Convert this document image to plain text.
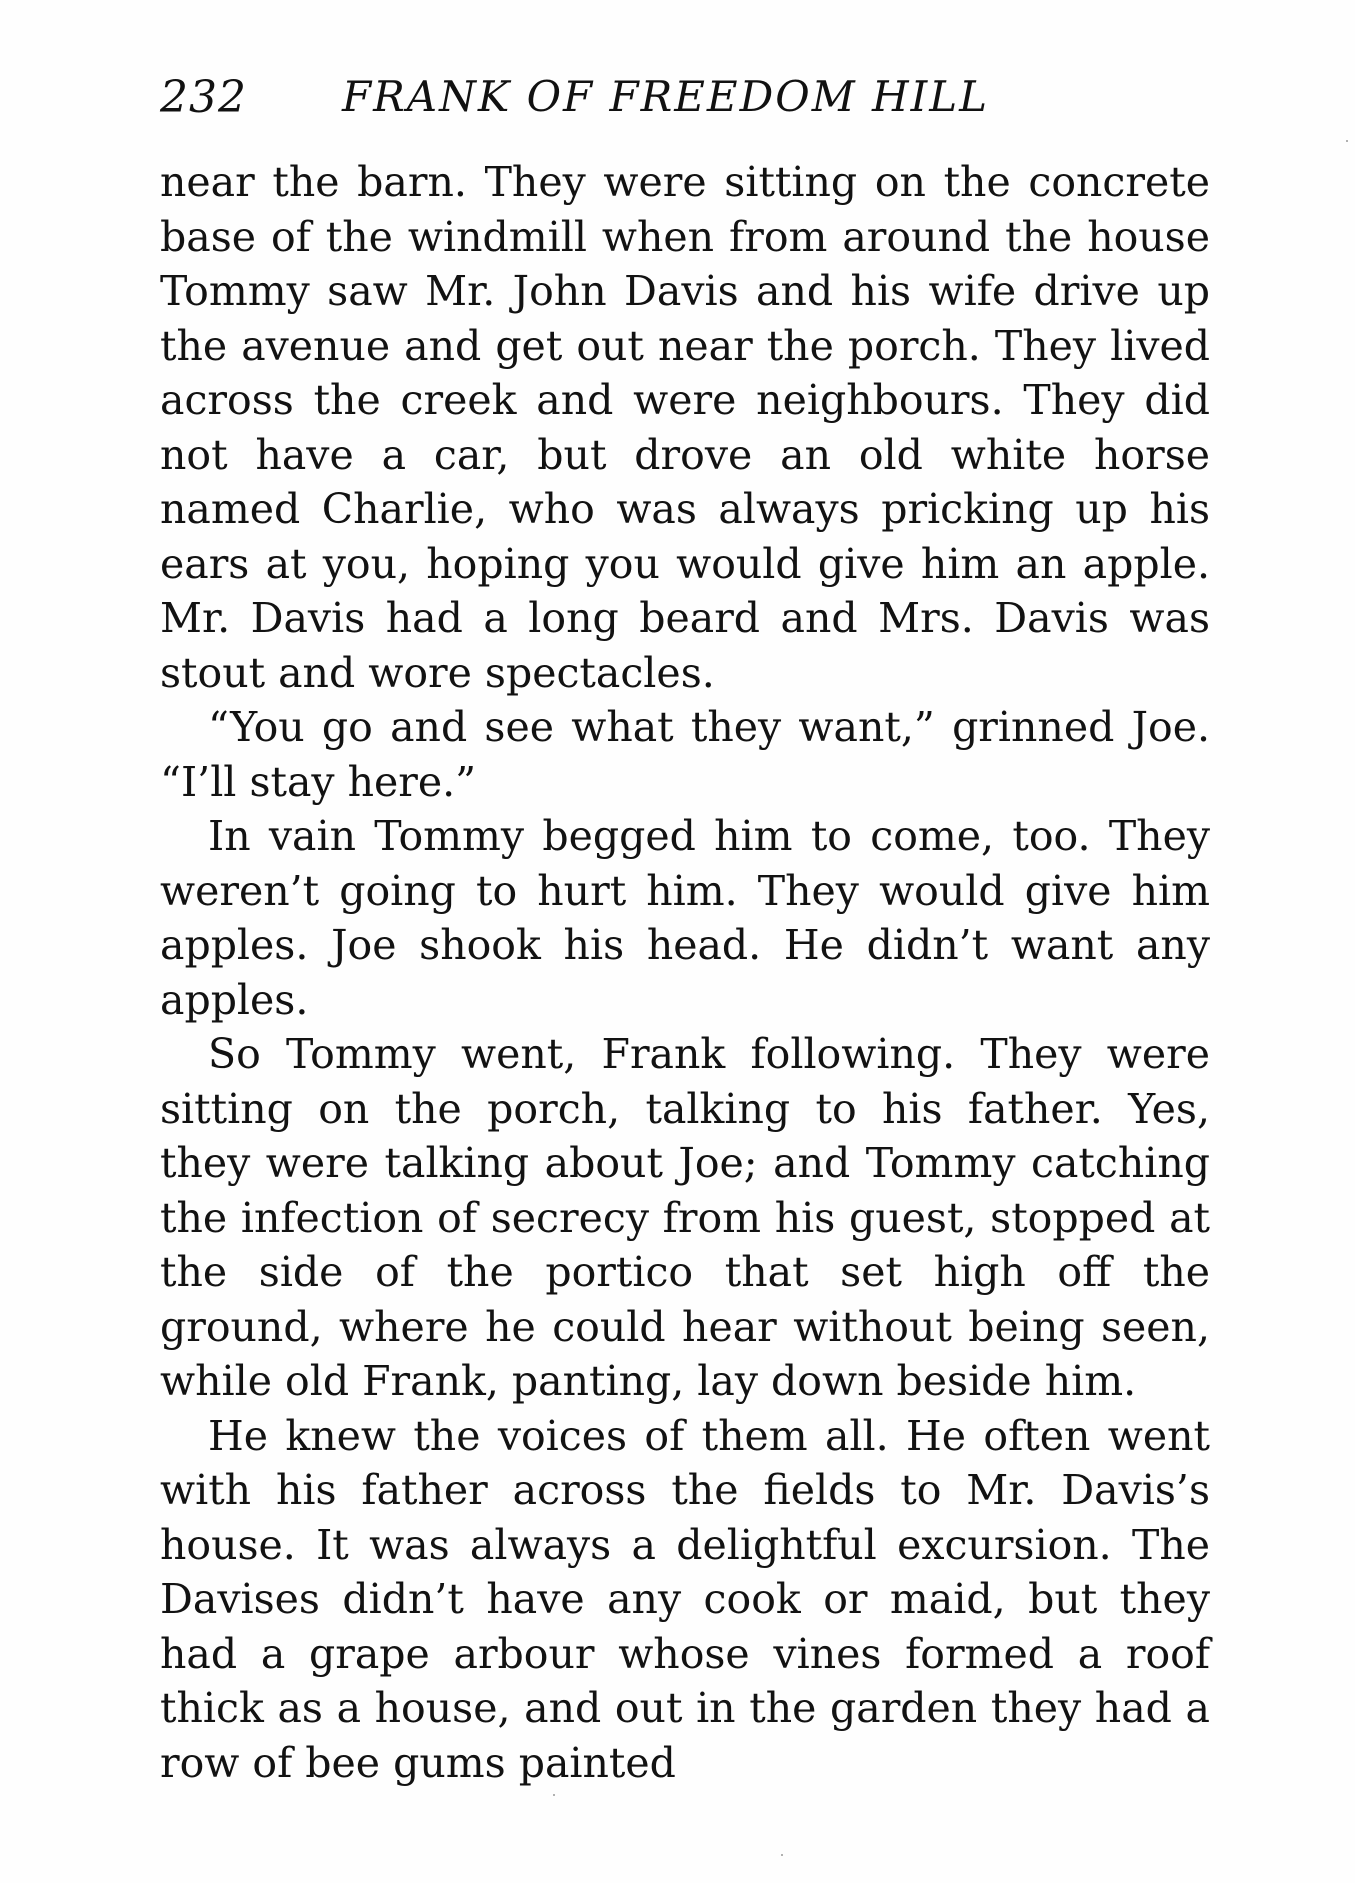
232 FRANK OF FREEDOM HILL

near the barn. They were sitting on the concrete base of the windmill when from around the house Tommy saw Mr. John Davis and his wife drive up the avenue and get out near the porch. They lived across the creek and were neighbours. They did not have a car, but drove an old white horse named Charlie, who was always pricking up his ears at you, hoping you would give him an apple. Mr. Davis had a long beard and Mrs. Davis was stout and wore spectacles.

“You go and see what they want,” grinned Joe. “I’ll stay here.”

In vain Tommy begged him to come, too. They weren’t going to hurt him. They would give him apples. Joe shook his head. He didn’t want any apples.

So Tommy went, Frank following. They were sitting on the porch, talking to his father. Yes, they were talking about Joe; and Tommy catching the infection of secrecy from his guest, stopped at the side of the portico that set high off the ground, where he could hear without being seen, while old Frank, panting, lay down beside him.

He knew the voices of them all. He often went with his father across the fields to Mr. Davis’s house. It was always a delightful excursion. The Davises didn’t have any cook or maid, but they had a grape arbour whose vines formed a roof thick as a house, and out in the garden they had a row of bee gums painted
